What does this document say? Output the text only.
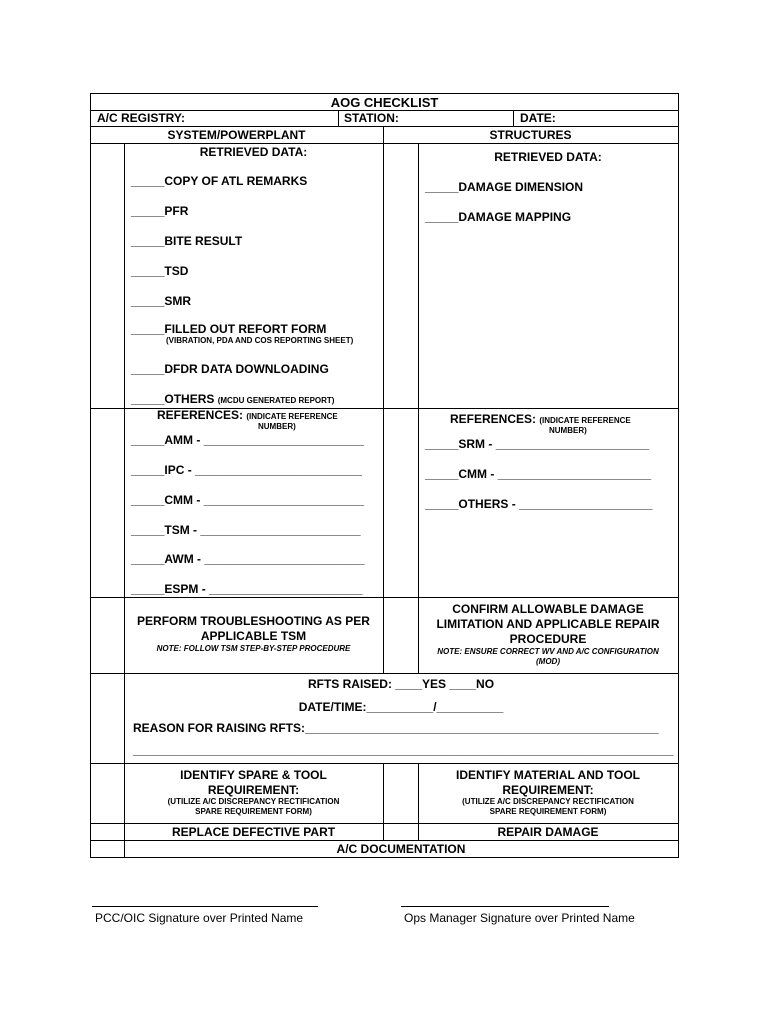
AOG CHECKLIST
A/C REGISTRY:	STATION:	DATE:
SYSTEM/POWERPLANT	STRUCTURES
RETRIEVED DATA:
_____COPY OF ATL REMARKS
_____PFR
_____BITE RESULT
_____TSD
_____SMR
_____FILLED OUT REFORT FORM
(VIBRATION, PDA AND COS REPORTING SHEET)
_____DFDR DATA DOWNLOADING
_____OTHERS (MCDU GENERATED REPORT)
RETRIEVED DATA:
_____DAMAGE DIMENSION
_____DAMAGE MAPPING
REFERENCES: (INDICATE REFERENCE
NUMBER)
_____AMM - ________________________
_____IPC - _________________________
_____CMM - ________________________
_____TSM - ________________________
_____AWM - ________________________
_____ESPM - _______________________
REFERENCES: (INDICATE REFERENCE
NUMBER)
_____SRM - _______________________
_____CMM - _______________________
_____OTHERS - ____________________
PERFORM TROUBLESHOOTING AS PER
APPLICABLE TSM
NOTE: FOLLOW TSM STEP-BY-STEP PROCEDURE
CONFIRM ALLOWABLE DAMAGE
LIMITATION AND APPLICABLE REPAIR
PROCEDURE
NOTE: ENSURE CORRECT WV AND A/C CONFIGURATION
(MOD)
RFTS RAISED: ____YES ____NO
DATE/TIME:__________/__________
REASON FOR RAISING RFTS:_____________________________________________________
_________________________________________________________________________________
IDENTIFY SPARE & TOOL
REQUIREMENT:
(UTILIZE A/C DISCREPANCY RECTIFICATION
SPARE REQUIREMENT FORM)
IDENTIFY MATERIAL AND TOOL
REQUIREMENT:
(UTILIZE A/C DISCREPANCY RECTIFICATION
SPARE REQUIREMENT FORM)
REPLACE DEFECTIVE PART	REPAIR DAMAGE
A/C DOCUMENTATION
PCC/OIC Signature over Printed Name	Ops Manager Signature over Printed Name
